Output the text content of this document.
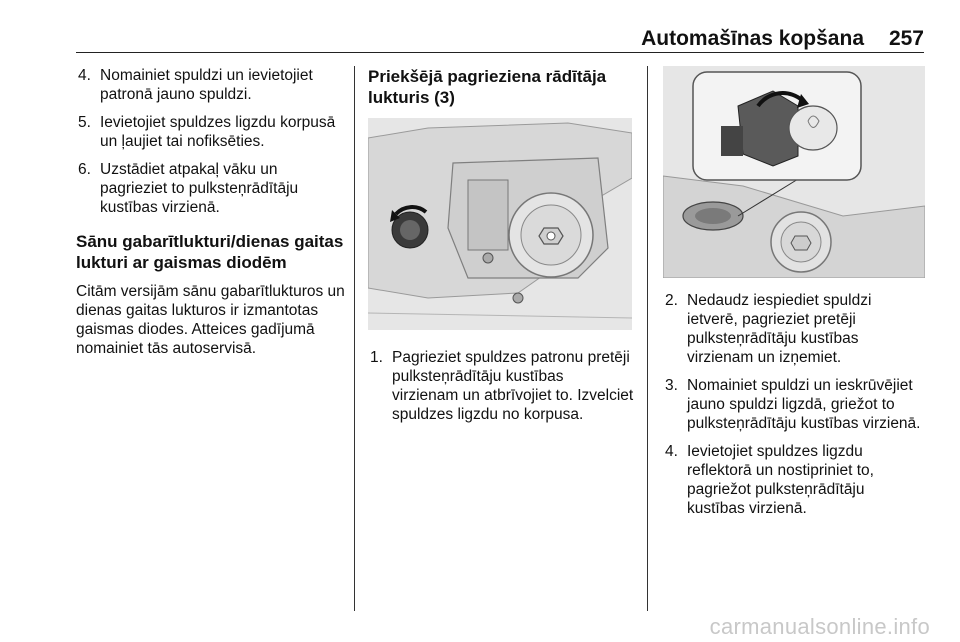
Automašīnas kopšana 257
4. Nomainiet spuldzi un ievietojiet patronā jauno spuldzi.
5. Ievietojiet spuldzes ligzdu korpusā un ļaujiet tai nofiksēties.
6. Uzstādiet atpakaļ vāku un pagrieziet to pulksteņrādītāju kustības virzienā.
Sānu gabarītlukturi/dienas gaitas lukturi ar gaismas diodēm

Citām versijām sānu gabarītlukturos un dienas gaitas lukturos ir izmantotas gaismas diodes. Atteices gadījumā nomainiet tās autoservisā.

Priekšējā pagrieziena rādītāja lukturis (3)
1. Pagrieziet spuldzes patronu pretēji pulksteņrādītāju kustības virzienam un atbrīvojiet to. Izvelciet spuldzes ligzdu no korpusa.
2. Nedaudz iespiediet spuldzi ietverē, pagrieziet pretēji pulksteņrādītāju kustības virzienam un izņemiet.
3. Nomainiet spuldzi un ieskrūvējiet jauno spuldzi ligzdā, griežot to pulksteņrādītāju kustības virzienā.
4. Ievietojiet spuldzes ligzdu reflektorā un nostipriniet to, pagriežot pulksteņrādītāju kustības virzienā.
carmanualsonline.info
